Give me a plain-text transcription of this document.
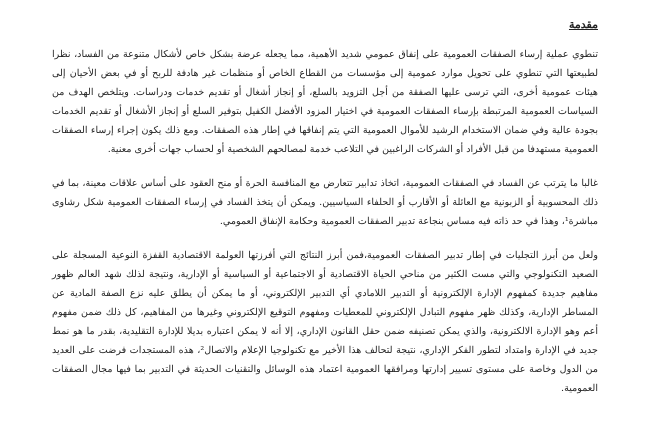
مقدمة

تنطوي عملية إرساء الصفقات العمومية على إنفاق عمومي شديد الأهمية، مما يجعله عرضة بشكل خاص لأشكال متنوعة من الفساد، نظرا لطبيعتها التي تنطوي على تحويل موارد عمومية إلى مؤسسات من القطاع الخاص أو منظمات غير هادفة للربح أو في بعض الأحيان إلى هيئات عمومية أخرى، التي ترسى عليها الصفقة من أجل التزويد بالسلع، أو إنجاز أشغال أو تقديم خدمات ودراسات. ويتلخص الهدف من السياسات العمومية المرتبطة بإرساء الصفقات العمومية في اختيار المزود الأفضل الكفيل بتوفير السلع أو إنجاز الأشغال أو تقديم الخدمات بجودة عالية وفي ضمان الاستخدام الرشيد للأموال العمومية التي يتم إنفاقها في إطار هذه الصفقات. ومع ذلك يكون إجراء إرساء الصفقات العمومية مستهدفا من قبل الأفراد أو الشركات الراغبين في التلاعب خدمة لمصالحهم الشخصية أو لحساب جهات أخرى معنية.

غالبا ما يترتب عن الفساد في الصفقات العمومية، اتخاذ تدابير تتعارض مع المنافسة الحرة أو منح العقود على أساس علاقات معينة، بما في ذلك المحسوبية أو الزبونية مع العائلة أو الأقارب أو الحلفاء السياسيين. ويمكن أن يتخذ الفساد في إرساء الصفقات العمومية شكل رشاوى مباشرة¹، وهذا في حد ذاته فيه مساس بنجاعة تدبير الصفقات العمومية وحكامة الإنفاق العمومي.

ولعل من أبرز التجليات في إطار تدبير الصفقات العمومية،فمن أبرز النتائج التي أفرزتها العولمة الاقتصادية القفزة النوعية المسجلة على الصعيد التكنولوجي والتي مست الكثير من مناحي الحياة الاقتصادية أو الاجتماعية أو السياسية أو الإدارية، ونتيجة لذلك شهد العالم ظهور مفاهيم جديدة كمفهوم الإدارة الإلكترونية أو التدبير اللامادي أي التدبير الإلكتروني، أو ما يمكن أن يطلق عليه نزع الصفة المادية عن المساطر الإدارية، وكذلك ظهر مفهوم التبادل الإلكتروني للمعطيات ومفهوم التوقيع الإلكتروني وغيرها من المفاهيم، كل ذلك ضمن مفهوم أعم وهو الإدارة الالكترونية، والذي يمكن تصنيفه ضمن حقل القانون الإداري، إلا أنه لا يمكن اعتباره بديلا للإدارة التقليدية، بقدر ما هو نمط جديد في الإدارة وامتداد لتطور الفكر الإداري، نتيجة لتحالف هذا الأخير مع تكنولوجيا الإعلام والاتصال²، هذه المستجدات فرضت على العديد من الدول وخاصة على مستوى تسيير إدارتها ومرافقها العمومية اعتماد هذه الوسائل والتقنيات الحديثة في التدبير بما فيها مجال الصفقات العمومية.
